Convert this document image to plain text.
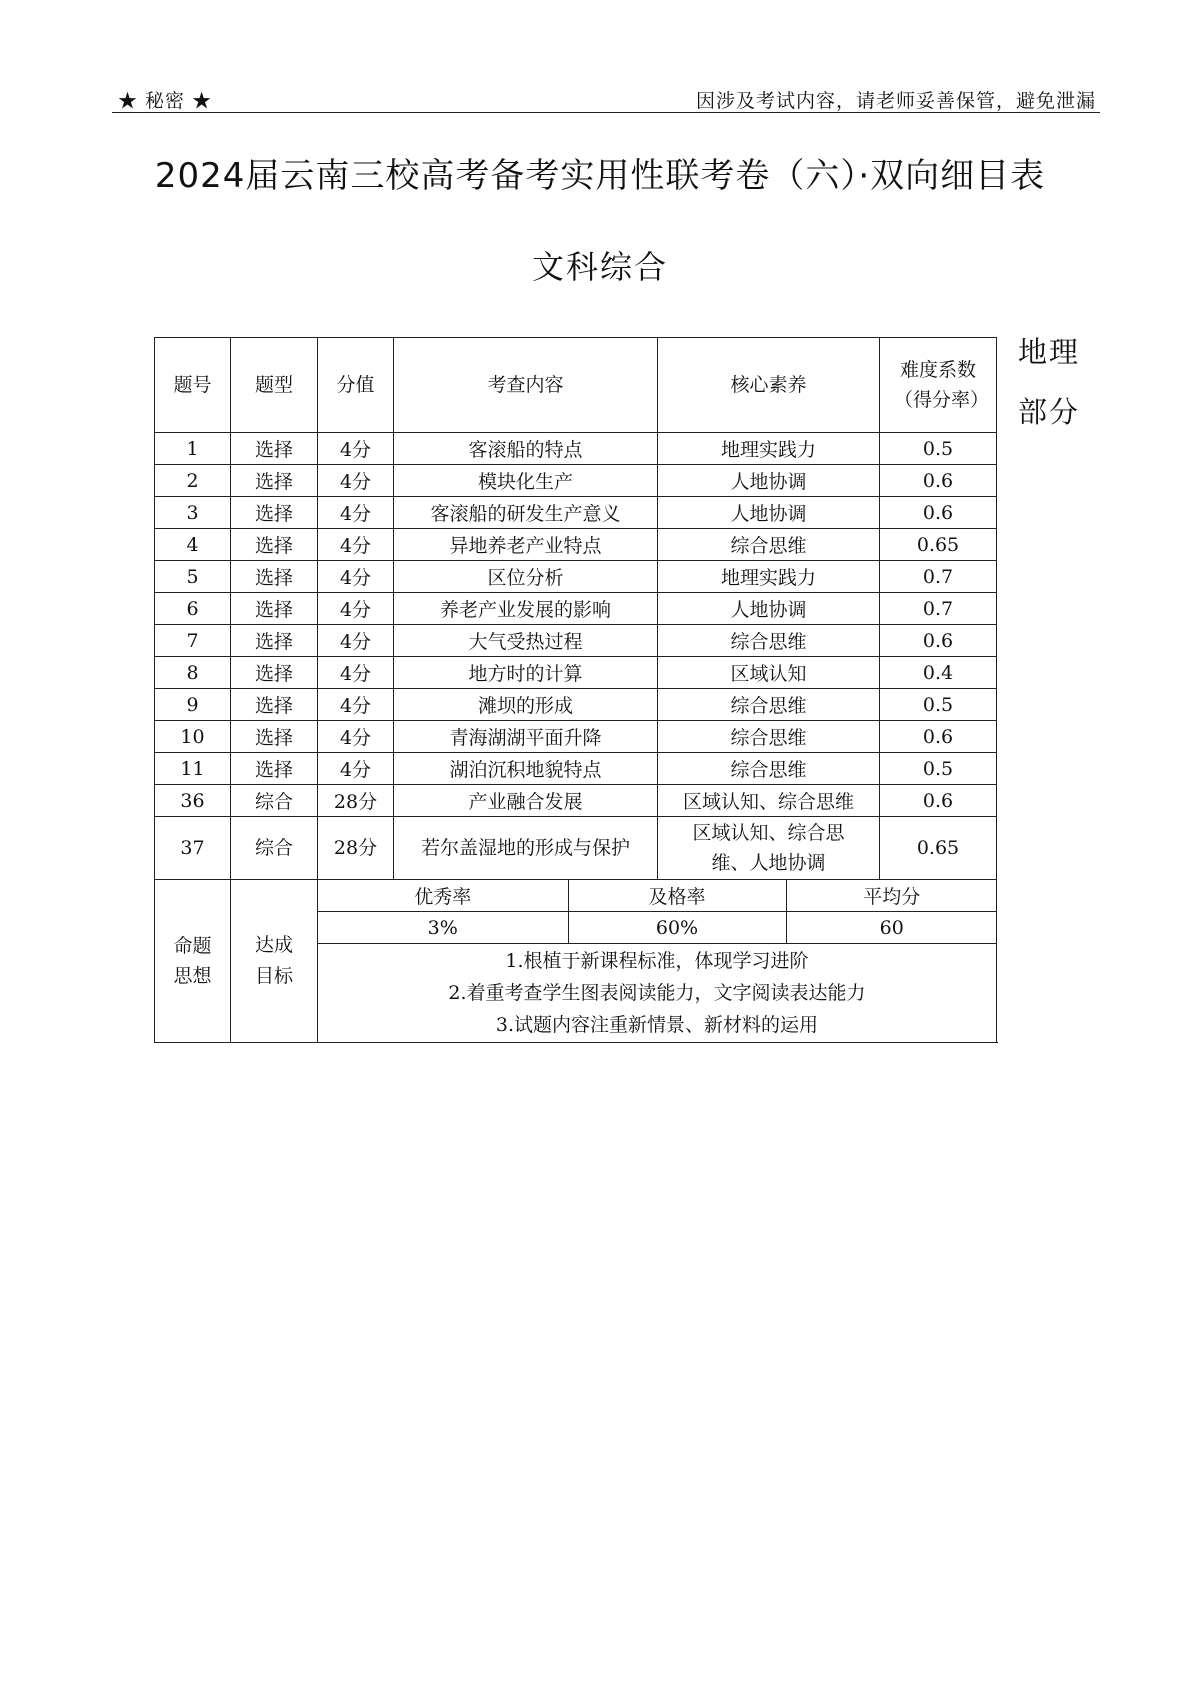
★ 秘密 ★	因涉及考试内容，请老师妥善保管，避免泄漏
2024届云南三校高考备考实用性联考卷（六）·双向细目表
文科综合
地理部分
题号	题型	分值	考查内容	核心素养	难度系数（得分率）
1	选择	4分	客滚船的特点	地理实践力	0.5
2	选择	4分	模块化生产	人地协调	0.6
3	选择	4分	客滚船的研发生产意义	人地协调	0.6
4	选择	4分	异地养老产业特点	综合思维	0.65
5	选择	4分	区位分析	地理实践力	0.7
6	选择	4分	养老产业发展的影响	人地协调	0.7
7	选择	4分	大气受热过程	综合思维	0.6
8	选择	4分	地方时的计算	区域认知	0.4
9	选择	4分	滩坝的形成	综合思维	0.5
10	选择	4分	青海湖湖平面升降	综合思维	0.6
11	选择	4分	湖泊沉积地貌特点	综合思维	0.5
36	综合	28分	产业融合发展	区域认知、综合思维	0.6
37	综合	28分	若尔盖湿地的形成与保护	区域认知、综合思维、人地协调	0.65
命题思想	达成目标	
优秀率	及格率	平均分
3%	60%	60

1.根植于新课程标准，体现学习进阶
2.着重考查学生图表阅读能力，文字阅读表达能力
3.试题内容注重新情景、新材料的运用
